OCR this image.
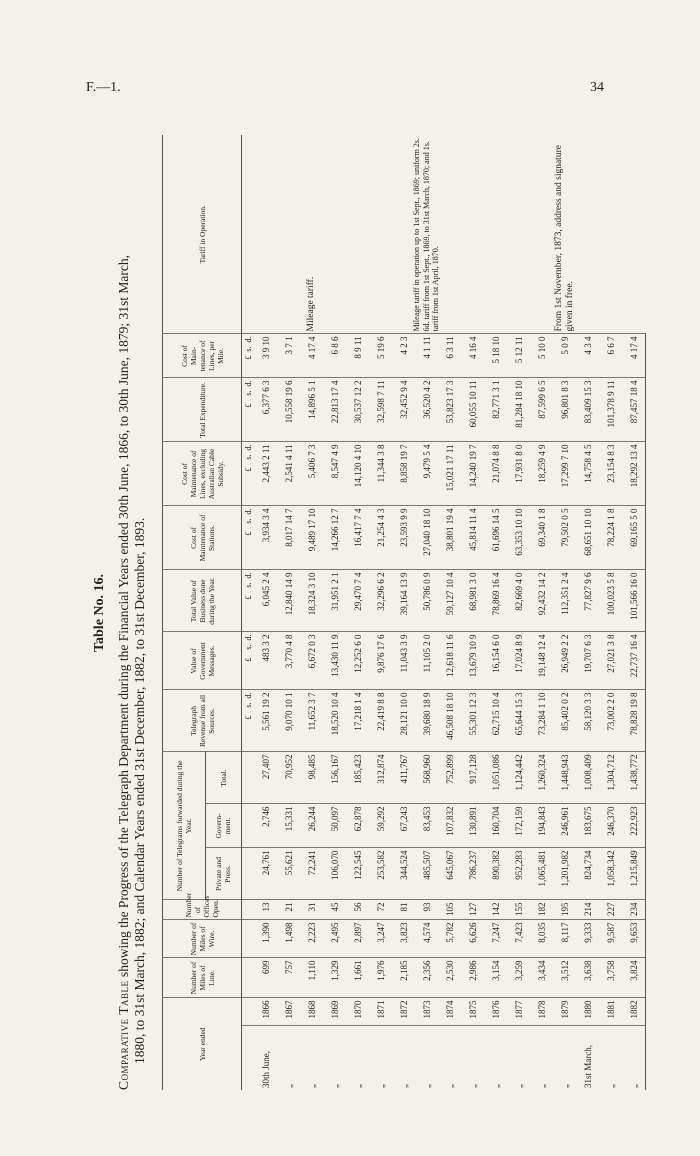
F.—1.	34
Table No. 16.
Comparative Table showing the Progress of the Telegraph Department during the Financial Years ended 30th June, 1866, to 30th June, 1879; 31st March, 1880, to 31st March, 1882; and Calendar Years ended 31st December, 1882, to 31st December, 1893.	Year ended		Number of Miles of Line.	Number of Miles of Wire.	Number of Offices Open.	Number of Telegrams forwarded during the Year.			Telegraph Revenue from all Sources.	Value of Government Messages.	Total Value of Business done during the Year.	Cost of Maintenance of Stations.	Cost of Maintenance of Lines, excluding Australian Cable Subsidy.	Total Expenditure.	Cost of Main-tenance of Lines, per Mile.	Tariff in Operation.
					Private and Press.	Govern-ment.	Total.								
								£    s.  d.	£    s.  d.	£    s.  d.	£    s.  d.	£    s.  d.	£    s.  d.	£  s.  d.	
30th June,	1866	699	1,390	13	24,761	2,746	27,407	5,561 19 2	483 3 2	6,045 2 4	3,934 3 4	2,443 2 11	6,377 6 3	3 9 10	Mileage tariff.
„	1867	757	1,498	21	55,621	15,331	70,952	9,070 10 1	3,770 4 8	12,840 14 9	8,017 14 7	2,541 4 11	10,558 19 6	3 7 1	
„	1868	1,110	2,223	31	72,241	26,244	98,485	11,652 3 7	6,672 0 3	18,324 3 10	9,489 17 10	5,406 7 3	14,896 5 1	4 17 4	
„	1869	1,329	2,495	45	106,070	50,097	156,167	18,520 10 4	13,430 11 9	31,951 2 1	14,266 12 7	8,547 4 9	22,813 17 4	6 8 6	
„	1870	1,661	2,897	56	122,545	62,878	185,423	17,218 1 4	12,252 6 0	29,470 7 4	16,417 7 4	14,120 4 10	30,537 12 2	8 9 11	
„	1871	1,976	3,247	72	253,582	59,292	312,874	22,419 8 8	9,876 17 6	32,296 6 2	21,254 4 3	11,344 3 8	32,598 7 11	5 19 6	Mileage tariff in operation up to 1st Sept., 1869; uniform 2s. 6d. tariff from 1st Sept., 1869, to 31st March, 1870; and 1s. tariff from 1st April, 1870.
„	1872	2,185	3,823	81	344,524	67,243	411,767	28,121 10 0	11,043 3 9	39,164 13 9	23,593 9 9	8,858 19 7	32,452 9 4	4 2 3	
„	1873	2,356	4,574	93	485,507	83,453	568,960	39,680 18 9	11,105 2 0	50,786 0 9	27,040 18 10	9,479 5 4	36,520 4 2	4 1 11	
„	1874	2,530	5,782	105	645,067	107,832	752,899	46,508 18 10	12,618 11 6	59,127 10 4	38,801 19 4	15,021 17 11	53,823 17 3	6 3 11	
„	1875	2,986	6,626	127	786,237	130,891	917,128	55,301 12 3	13,679 10 9	68,981 3 0	45,814 11 4	14,240 19 7	60,055 10 11	4 16 4	
„	1876	3,154	7,247	142	890,382	160,704	1,051,086	62,715 10 4	16,154 6 0	78,869 16 4	61,696 14 5	21,074 8 8	82,771 3 1	5 18 10	From 1st November, 1873, address and signature given in free.
„	1877	3,259	7,423	155	952,283	172,159	1,124,442	65,644 15 3	17,024 8 9	82,669 4 0	63,353 10 10	17,931 8 0	81,284 18 10	5 12 11	
„	1878	3,434	8,035	182	1,065,481	194,843	1,260,324	73,284 1 10	19,148 12 4	92,432 14 2	69,340 1 8	18,259 4 9	87,599 6 5	5 10 0	
„	1879	3,512	8,117	195	1,201,982	246,961	1,448,943	85,402 0 2	26,949 2 2	112,351 2 4	79,502 0 5	17,299 7 10	96,801 8 3	5 0 9	
31st March,	1880	3,638	9,333	214	824,734	183,675	1,008,409	58,120 3 3	19,707 6 3	77,827 9 6	68,651 10 10	14,758 4 5	83,409 15 3	4 3 4	
„	1881	3,758	9,587	227	1,058,342	246,370	1,304,712	73,002 2 0	27,021 3 8	100,023 5 8	78,224 1 8	23,154 8 3	101,378 9 11	6 6 7	
„	1882	3,824	9,653	234	1,215,849	222,923	1,438,772	78,828 19 8	22,737 16 4	101,566 16 0	69,165 5 0	18,292 13 4	87,457 18 4	4 17 4	
